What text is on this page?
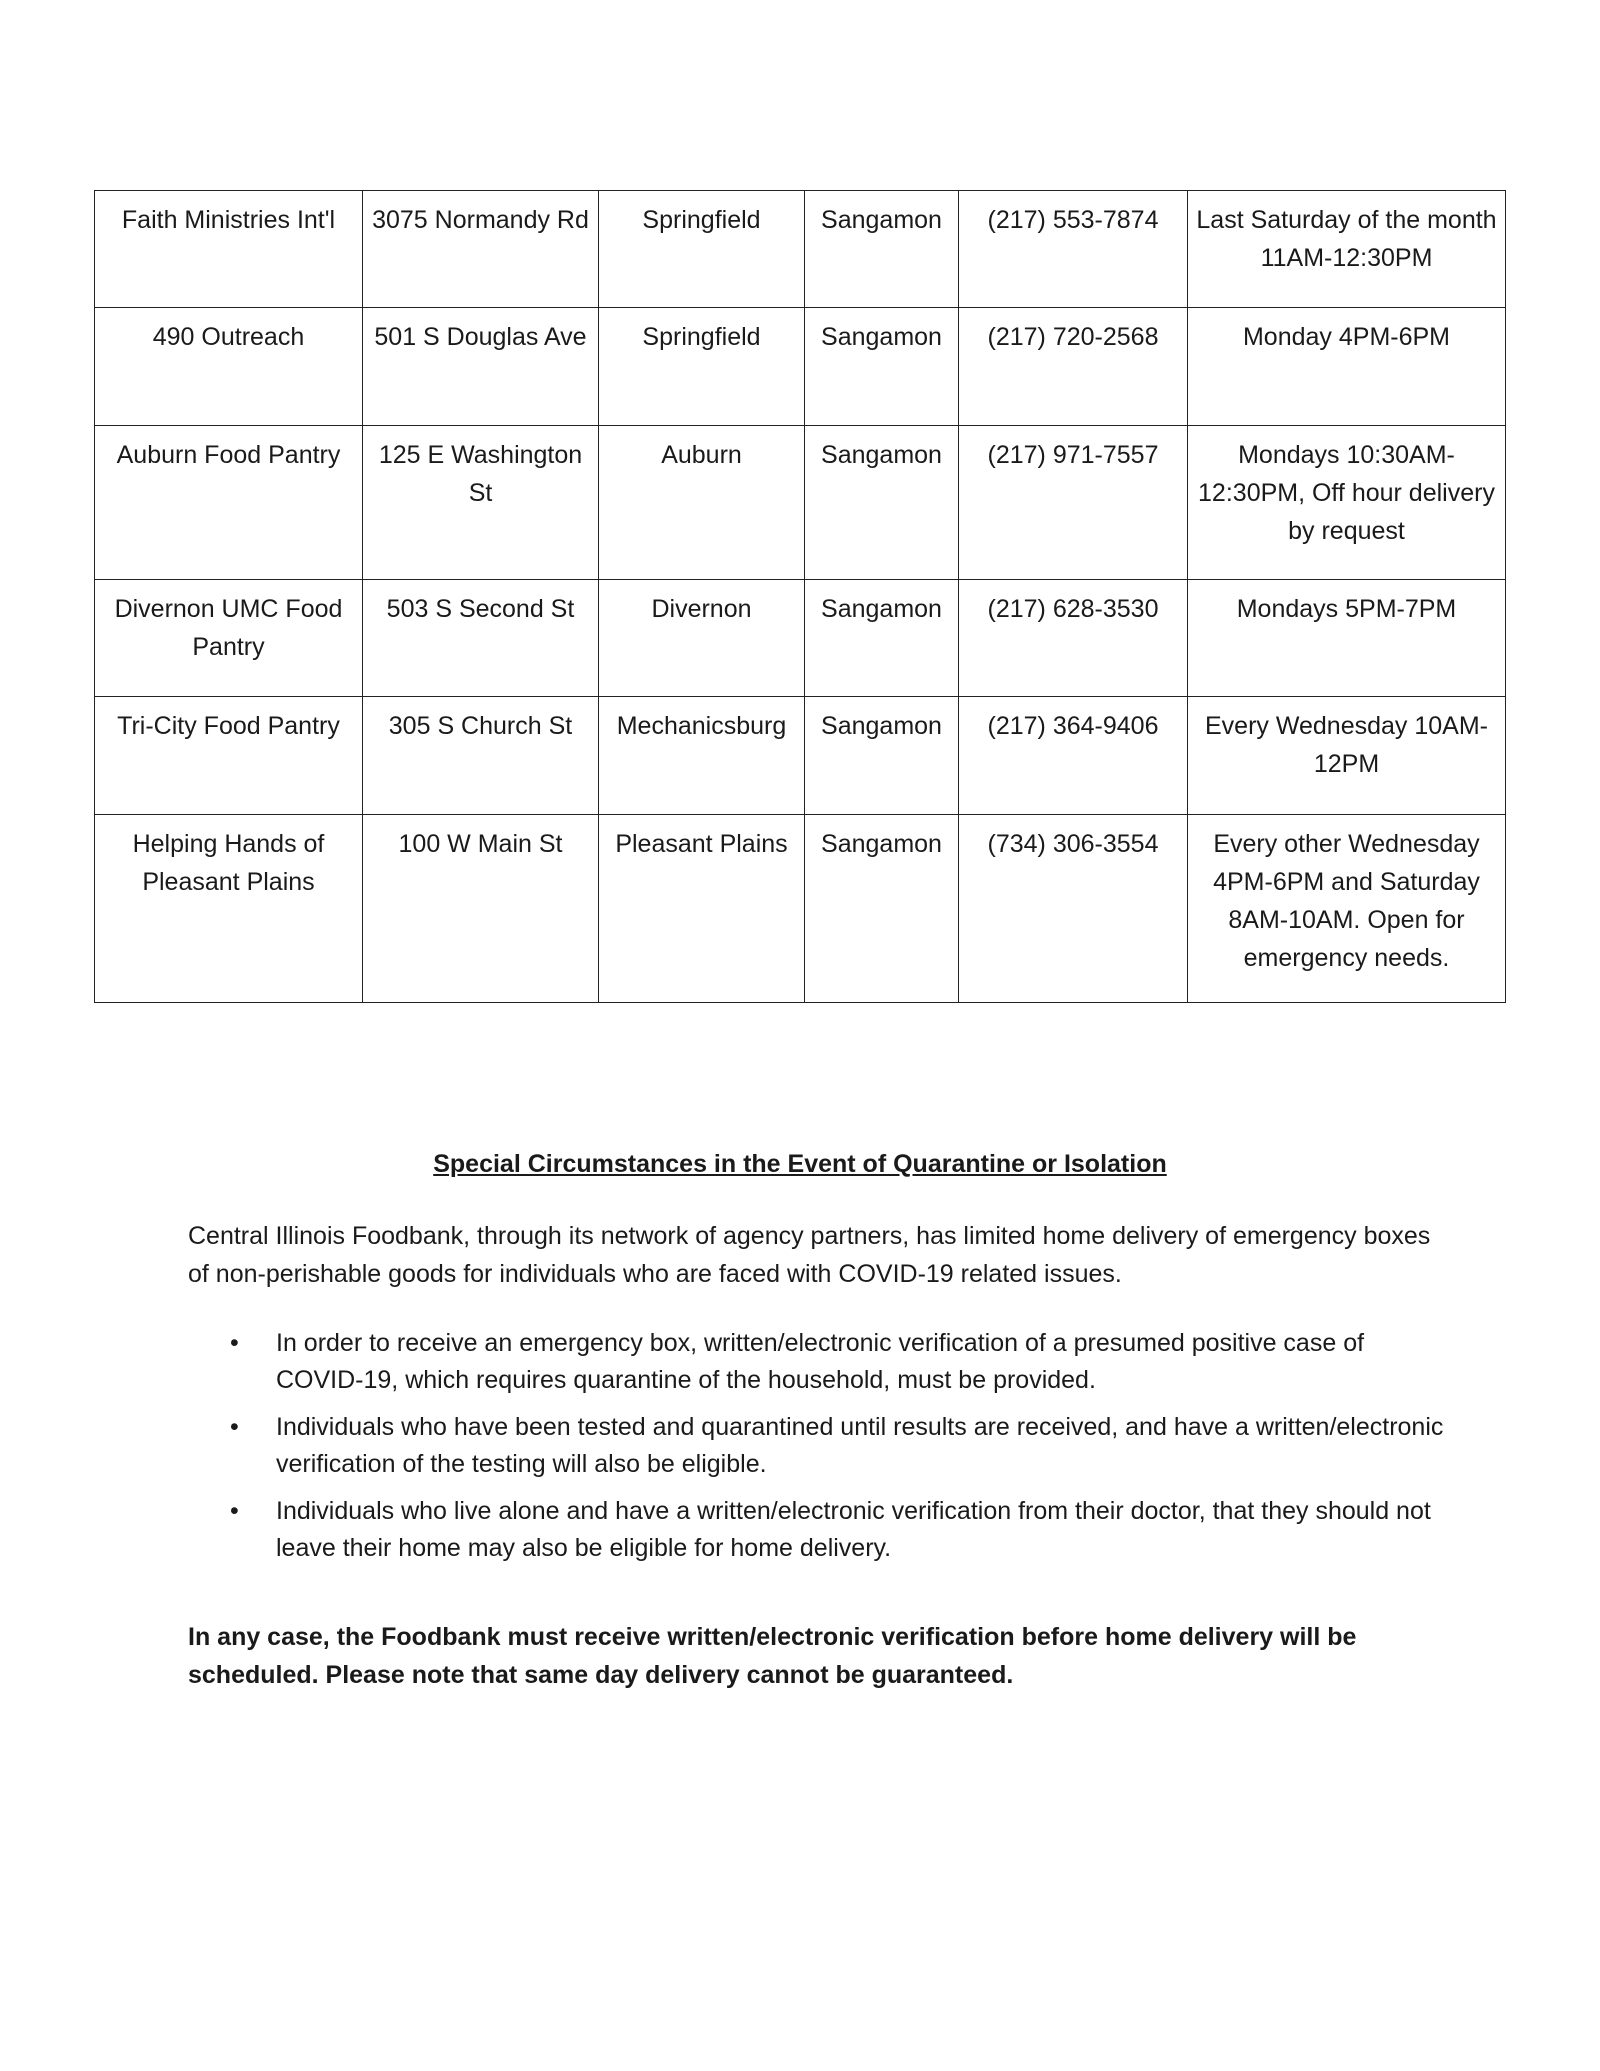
Faith Ministries Int'l	3075 Normandy Rd	Springfield	Sangamon	(217) 553-7874	Last Saturday of the month 11AM-12:30PM
490 Outreach	501 S Douglas Ave	Springfield	Sangamon	(217) 720-2568	Monday 4PM-6PM
Auburn Food Pantry	125 E Washington St	Auburn	Sangamon	(217) 971-7557	Mondays 10:30AM-12:30PM, Off hour delivery by request
Divernon UMC Food Pantry	503 S Second St	Divernon	Sangamon	(217) 628-3530	Mondays 5PM-7PM
Tri-City Food Pantry	305 S Church St	Mechanicsburg	Sangamon	(217) 364-9406	Every Wednesday 10AM-12PM
Helping Hands of Pleasant Plains	100 W Main St	Pleasant Plains	Sangamon	(734) 306-3554	Every other Wednesday 4PM-6PM and Saturday 8AM-10AM. Open for emergency needs.
Special Circumstances in the Event of Quarantine or Isolation

Central Illinois Foodbank, through its network of agency partners, has limited home delivery of emergency boxes of non-perishable goods for individuals who are faced with COVID-19 related issues.

• In order to receive an emergency box, written/electronic verification of a presumed positive case of COVID-19, which requires quarantine of the household, must be provided.
• Individuals who have been tested and quarantined until results are received, and have a written/electronic verification of the testing will also be eligible.
• Individuals who live alone and have a written/electronic verification from their doctor, that they should not leave their home may also be eligible for home delivery.

In any case, the Foodbank must receive written/electronic verification before home delivery will be scheduled. Please note that same day delivery cannot be guaranteed.
